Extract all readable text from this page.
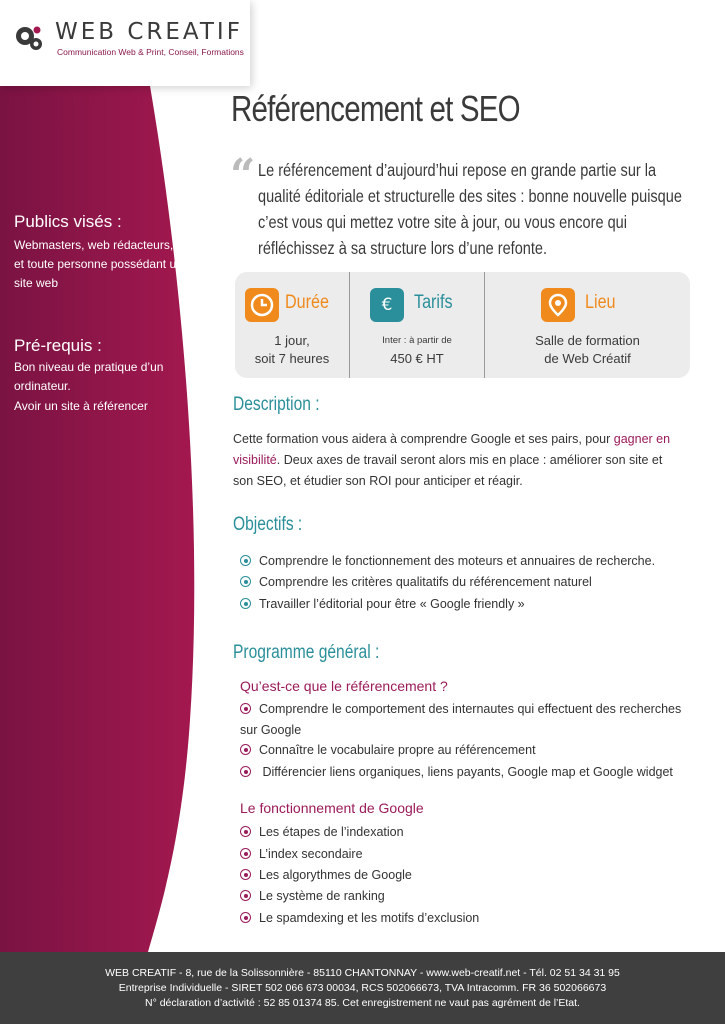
WEB CREATIF
Communication Web & Print, Conseil, Formations
Publics visés :
Webmasters, web rédacteurs, et toute personne possédant un site web
Pré-requis :
Bon niveau de pratique d’un ordinateur.
Avoir un site à référencer
Référencement et SEO
“ Le référencement d’aujourd’hui repose en grande partie sur la qualité éditoriale et structurelle des sites : bonne nouvelle puisque c’est vous qui mettez votre site à jour, ou vous encore qui réfléchissez à sa structure lors d’une refonte.
Durée
1 jour,
soit 7 heures
€	Tarifs
Inter : à partir de
450 € HT
Lieu
Salle de formation
de Web Créatif
Description :
Cette formation vous aidera à comprendre Google et ses pairs, pour gagner en visibilité. Deux axes de travail seront alors mis en place : améliorer son site et son SEO, et étudier son ROI pour anticiper et réagir.
Objectifs :
Comprendre le fonctionnement des moteurs et annuaires de recherche.
Comprendre les critères qualitatifs du référencement naturel
Travailler l’éditorial pour être « Google friendly »
Programme général :
Qu’est-ce que le référencement ?
Comprendre le comportement des internautes qui effectuent des recherches sur Google
Connaître le vocabulaire propre au référencement
Différencier liens organiques, liens payants, Google map et Google widget
Le fonctionnement de Google
Les étapes de l’indexation
L’index secondaire
Les algorythmes de Google
Le système de ranking
Le spamdexing et les motifs d’exclusion
WEB CREATIF - 8, rue de la Solissonnière - 85110 CHANTONNAY - www.web-creatif.net - Tél. 02 51 34 31 95
Entreprise Individuelle - SIRET 502 066 673 00034, RCS 502066673, TVA Intracomm. FR 36 502066673
N° déclaration d’activité : 52 85 01374 85. Cet enregistrement ne vaut pas agrément de l’Etat.
